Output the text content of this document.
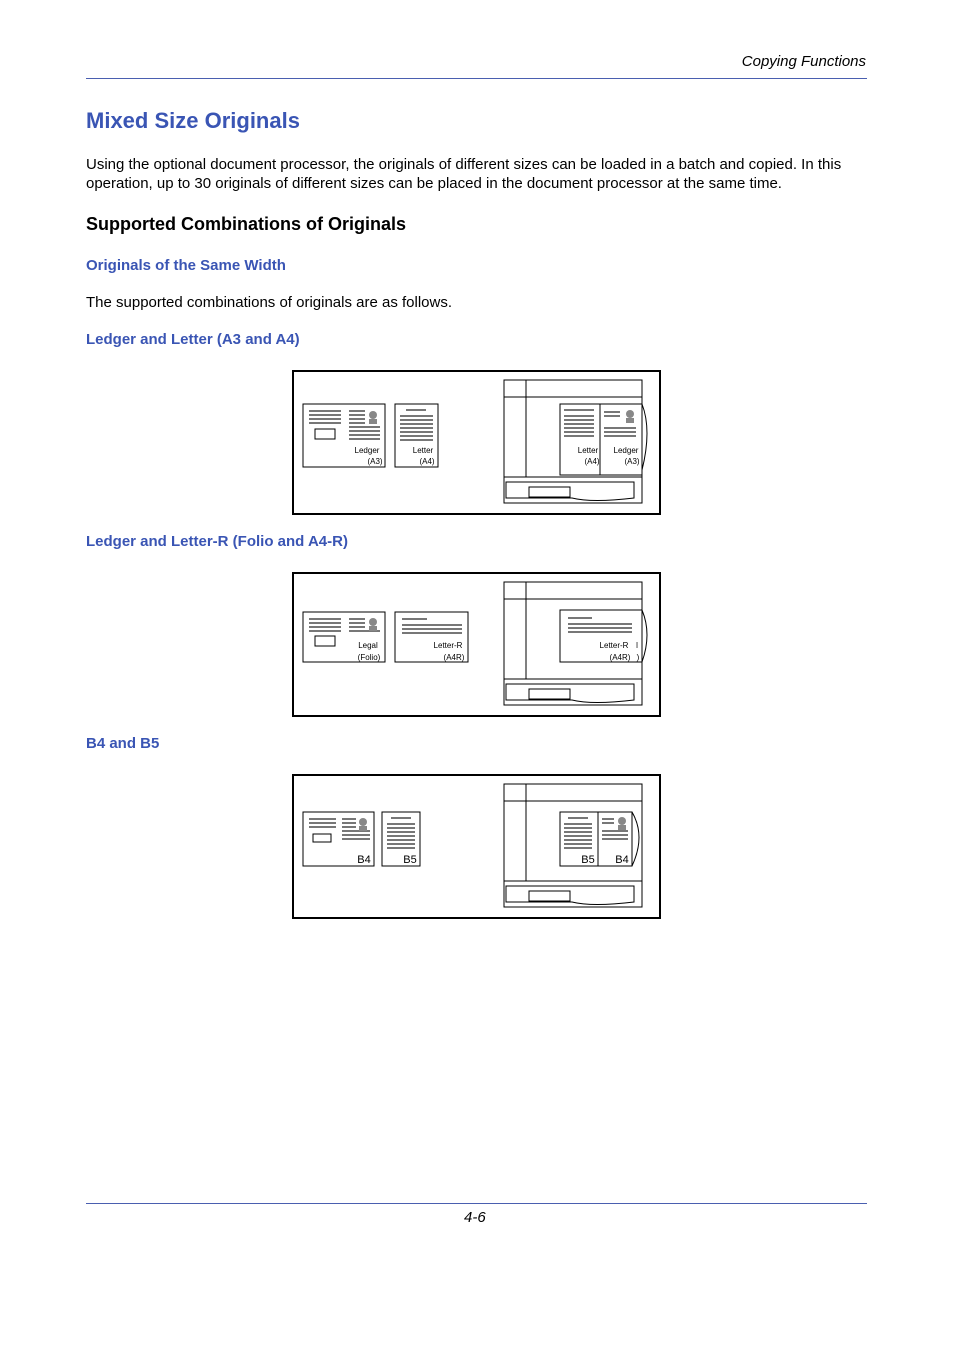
Copying Functions
Mixed Size Originals

Using the optional document processor, the originals of different sizes can be loaded in a batch and copied. In this operation, up to 30 originals of different sizes can be placed in the document processor at the same time.

Supported Combinations of Originals
Originals of the Same Width

The supported combinations of originals are as follows.

Ledger and Letter (A3 and A4)
Ledger
(A3)
Letter
(A4)
Letter
(A4)
Ledger
(A3)
Ledger and Letter-R (Folio and A4-R)
Legal
(Folio)
Letter-R
(A4R)
Letter-R
(A4R)
l
)
B4 and B5
B4	B5	B5 B4
4-6
